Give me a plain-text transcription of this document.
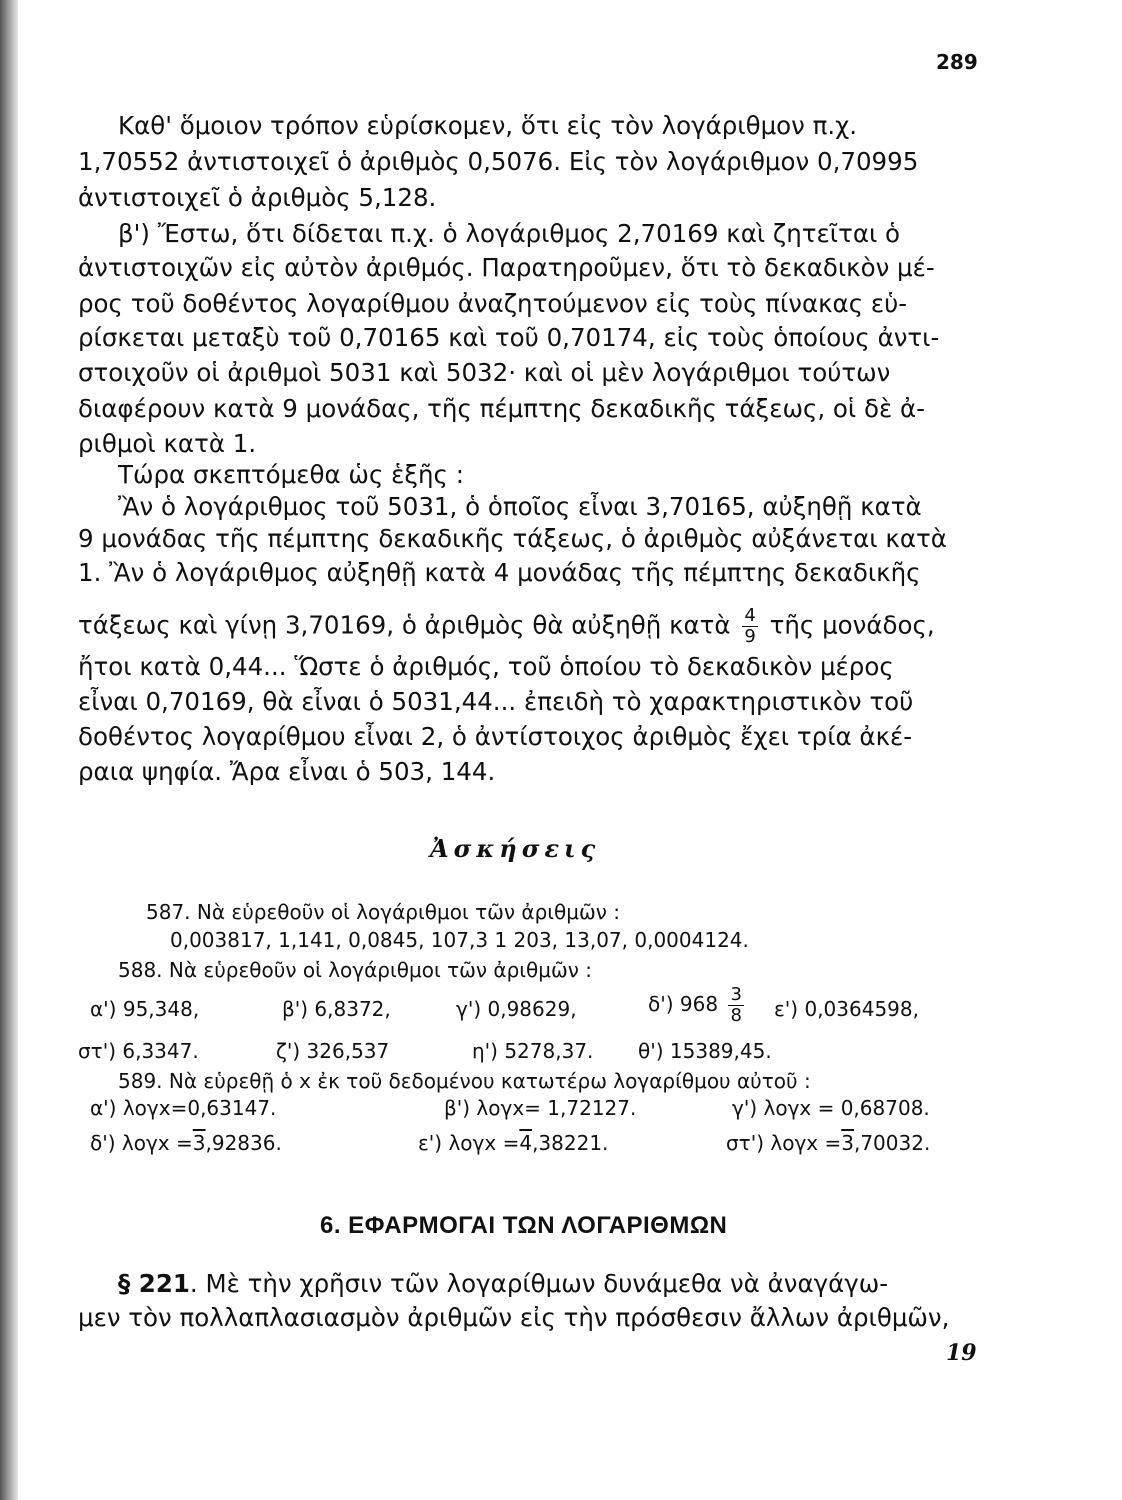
289
Καθ' ὅμοιον τρόπον εὑρίσκομεν, ὅτι εἰς τὸν λογάριθμον π.χ.
1,70552 ἀντιστοιχεῖ ὁ ἀριθμὸς 0,5076. Εἰς τὸν λογάριθμον 0,70995
ἀντιστοιχεῖ ὁ ἀριθμὸς 5,128.
β') Ἔστω, ὅτι δίδεται π.χ. ὁ λογάριθμος 2,70169 καὶ ζητεῖται ὁ
ἀντιστοιχῶν εἰς αὐτὸν ἀριθμός. Παρατηροῦμεν, ὅτι τὸ δεκαδικὸν μέ-
ρος τοῦ δοθέντος λογαρίθμου ἀναζητούμενον εἰς τοὺς πίνακας εὑ-
ρίσκεται μεταξὺ τοῦ 0,70165 καὶ τοῦ 0,70174, εἰς τοὺς ὁποίους ἀντι-
στοιχοῦν οἱ ἀριθμοὶ 5031 καὶ 5032· καὶ οἱ μὲν λογάριθμοι τούτων
διαφέρουν κατὰ 9 μονάδας, τῆς πέμπτης δεκαδικῆς τάξεως, οἱ δὲ ἀ-
ριθμοὶ κατὰ 1.
Τώρα σκεπτόμεθα ὡς ἑξῆς :
Ἂν ὁ λογάριθμος τοῦ 5031, ὁ ὁποῖος εἶναι 3,70165, αὐξηθῇ κατὰ
9 μονάδας τῆς πέμπτης δεκαδικῆς τάξεως, ὁ ἀριθμὸς αὐξάνεται κατὰ
1. Ἂν ὁ λογάριθμος αὐξηθῇ κατὰ 4 μονάδας τῆς πέμπτης δεκαδικῆς
τάξεως καὶ γίνῃ 3,70169, ὁ ἀριθμὸς θὰ αὐξηθῇ κατὰ $\frac{4}{9}$ τῆς μονάδος,
ἤτοι κατὰ 0,44... Ὥστε ὁ ἀριθμός, τοῦ ὁποίου τὸ δεκαδικὸν μέρος
εἶναι 0,70169, θὰ εἶναι ὁ 5031,44... ἐπειδὴ τὸ χαρακτηριστικὸν τοῦ
δοθέντος λογαρίθμου εἶναι 2, ὁ ἀντίστοιχος ἀριθμὸς ἔχει τρία ἀκέ-
ραια ψηφία. Ἄρα εἶναι ὁ 503, 144.
Ἀσκήσεις
587. Νὰ εὑρεθοῦν οἱ λογάριθμοι τῶν ἀριθμῶν :
0,003817, 1,141, 0,0845, 107,3 1 203, 13,07, 0,0004124.
588. Νὰ εὑρεθοῦν οἱ λογάριθμοι τῶν ἀριθμῶν :
α') 95,348,	β') 6,8372,	γ') 0,98629,	δ') $968 \frac{3}{8} \varepsilon'$) 0,0364598,
στ') 6,3347.	ζ') 326,537	η') 5278,37. θ') 15389,45.
589. Νὰ εὑρεθῇ ὁ x ἐκ τοῦ δεδομένου κατωτέρω λογαρίθμου αὐτοῦ :
α') λογx=0,63147.	β') λογx= 1,72127.	γ') λογx = 0,68708.
δ') λογx =3,92836.	ε') λογx =4,38221.	στ') λογx =3,70032.
6. ΕΦΑΡΜΟΓΑΙ ΤΩΝ ΛΟΓΑΡΙΘΜΩΝ
§ 221. Μὲ τὴν χρῆσιν τῶν λογαρίθμων δυνάμεθα νὰ ἀναγάγω-
μεν τὸν πολλαπλασιασμὸν ἀριθμῶν εἰς τὴν πρόσθεσιν ἄλλων ἀριθμῶν,
19
